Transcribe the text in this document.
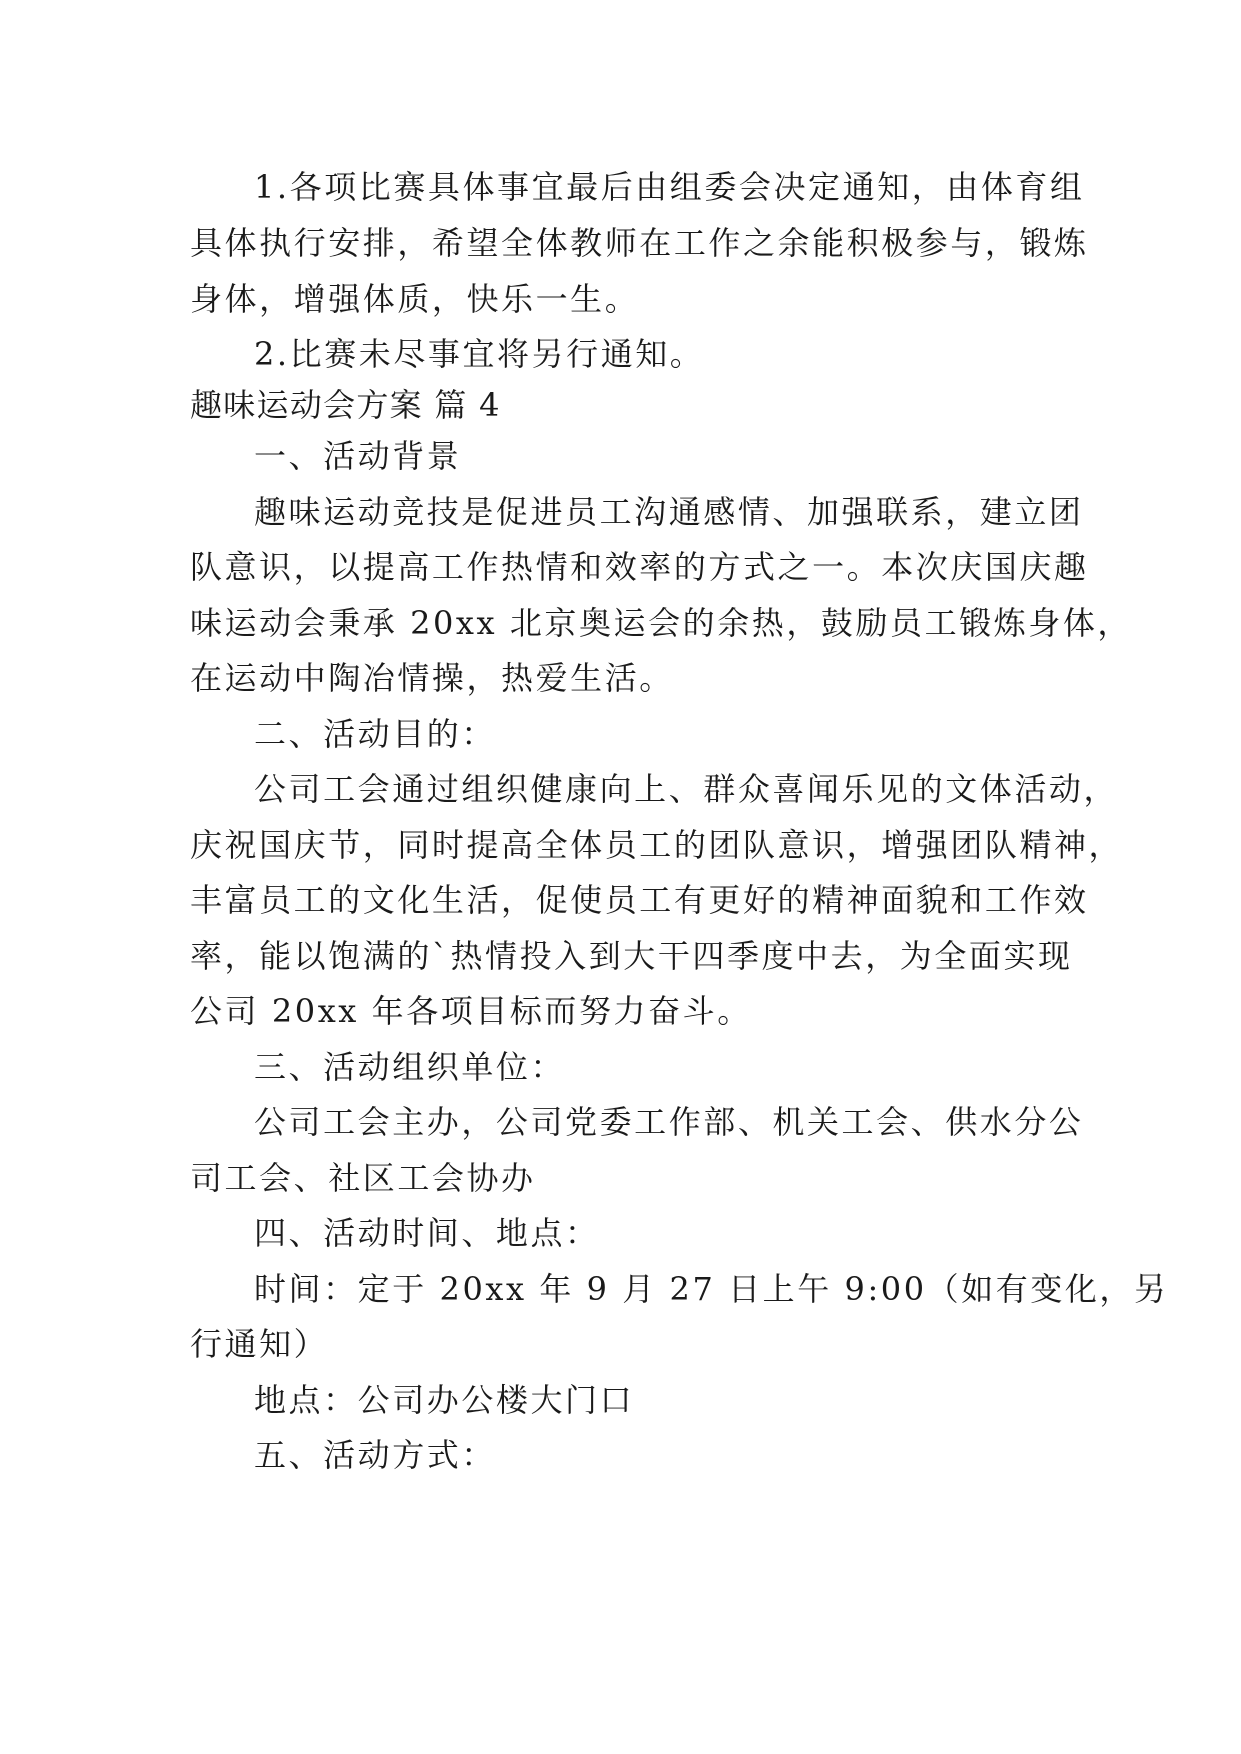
1.各项比赛具体事宜最后由组委会决定通知，由体育组
具体执行安排，希望全体教师在工作之余能积极参与，锻炼
身体，增强体质，快乐一生。
2.比赛未尽事宜将另行通知。
趣味运动会方案 篇 4
一、活动背景
趣味运动竞技是促进员工沟通感情、加强联系，建立团
队意识，以提高工作热情和效率的方式之一。本次庆国庆趣
味运动会秉承 20xx 北京奥运会的余热，鼓励员工锻炼身体，
在运动中陶冶情操，热爱生活。
二、活动目的：
公司工会通过组织健康向上、群众喜闻乐见的文体活动，
庆祝国庆节，同时提高全体员工的团队意识，增强团队精神，
丰富员工的文化生活，促使员工有更好的精神面貌和工作效
率，能以饱满的`热情投入到大干四季度中去，为全面实现
公司 20xx 年各项目标而努力奋斗。
三、活动组织单位：
公司工会主办，公司党委工作部、机关工会、供水分公
司工会、社区工会协办
四、活动时间、地点：
时间：定于 20xx 年 9 月 27 日上午 9:00（如有变化，另
行通知）
地点：公司办公楼大门口
五、活动方式：
